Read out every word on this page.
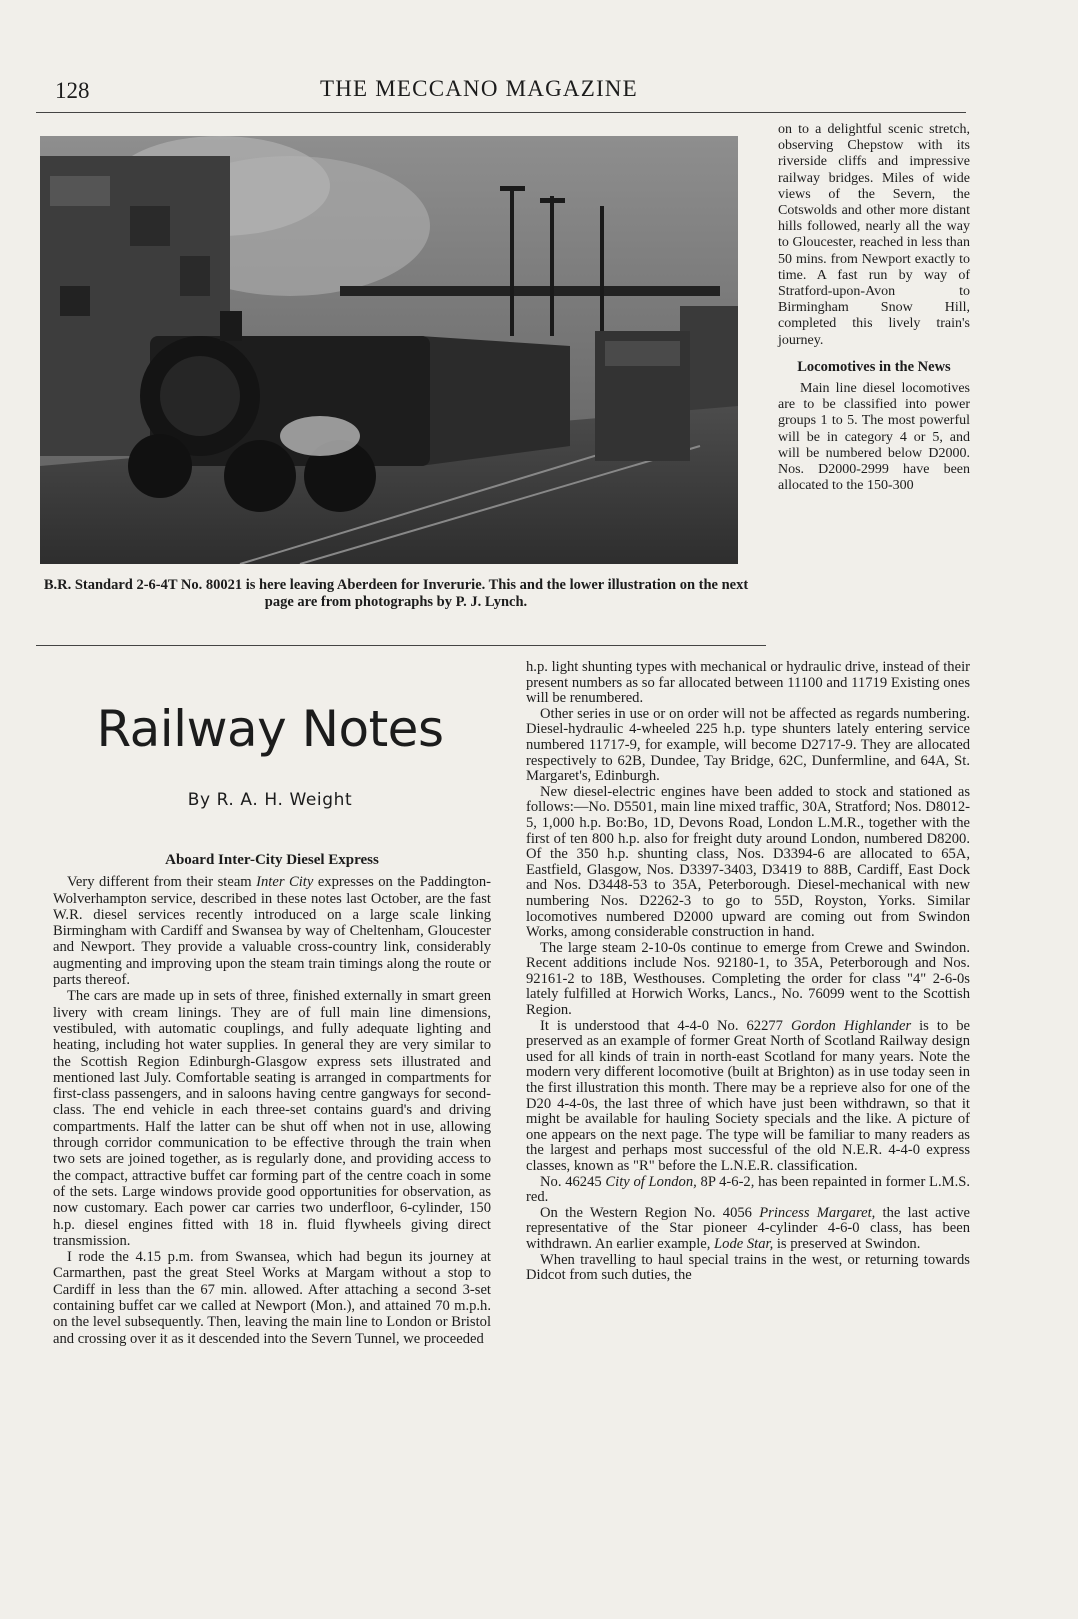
128	THE MECCANO MAGAZINE
B.R. Standard 2-6-4T No. 80021 is here leaving Aberdeen for Inverurie. This and the lower illustration on the next page are from photographs by P. J. Lynch.

on to a delightful scenic stretch, observing Chepstow with its riverside cliffs and impressive railway bridges. Miles of wide views of the Severn, the Cotswolds and other more distant hills followed, nearly all the way to Gloucester, reached in less than 50 mins. from Newport exactly to time. A fast run by way of Stratford-upon-Avon to Birmingham Snow Hill, completed this lively train's journey.

Locomotives in the News

Main line diesel locomotives are to be classified into power groups 1 to 5. The most powerful will be in category 4 or 5, and will be numbered below D2000. Nos. D2000-2999 have been allocated to the 150-300

Railway Notes
By R. A. H. Weight
Aboard Inter-City Diesel Express

Very different from their steam Inter City expresses on the Paddington-Wolverhampton service, described in these notes last October, are the fast W.R. diesel services recently introduced on a large scale linking Birmingham with Cardiff and Swansea by way of Cheltenham, Gloucester and Newport. They provide a valuable cross-country link, considerably augmenting and improving upon the steam train timings along the route or parts thereof.

The cars are made up in sets of three, finished externally in smart green livery with cream linings. They are of full main line dimensions, vestibuled, with automatic couplings, and fully adequate lighting and heating, including hot water supplies. In general they are very similar to the Scottish Region Edinburgh-Glasgow express sets illustrated and mentioned last July. Comfortable seating is arranged in compartments for first-class passengers, and in saloons having centre gangways for second-class. The end vehicle in each three-set contains guard's and driving compartments. Half the latter can be shut off when not in use, allowing through corridor communication to be effective through the train when two sets are joined together, as is regularly done, and providing access to the compact, attractive buffet car forming part of the centre coach in some of the sets. Large windows provide good opportunities for observation, as now customary. Each power car carries two underfloor, 6-cylinder, 150 h.p. diesel engines fitted with 18 in. fluid flywheels giving direct transmission.

I rode the 4.15 p.m. from Swansea, which had begun its journey at Carmarthen, past the great Steel Works at Margam without a stop to Cardiff in less than the 67 min. allowed. After attaching a second 3-set containing buffet car we called at Newport (Mon.), and attained 70 m.p.h. on the level subsequently. Then, leaving the main line to London or Bristol and crossing over it as it descended into the Severn Tunnel, we proceeded

h.p. light shunting types with mechanical or hydraulic drive, instead of their present numbers as so far allocated between 11100 and 11719 Existing ones will be renumbered.

Other series in use or on order will not be affected as regards numbering. Diesel-hydraulic 4-wheeled 225 h.p. type shunters lately entering service numbered 11717-9, for example, will become D2717-9. They are allocated respectively to 62B, Dundee, Tay Bridge, 62C, Dunfermline, and 64A, St. Margaret's, Edinburgh.

New diesel-electric engines have been added to stock and stationed as follows:—No. D5501, main line mixed traffic, 30A, Stratford; Nos. D8012-5, 1,000 h.p. Bo:Bo, 1D, Devons Road, London L.M.R., together with the first of ten 800 h.p. also for freight duty around London, numbered D8200. Of the 350 h.p. shunting class, Nos. D3394-6 are allocated to 65A, Eastfield, Glasgow, Nos. D3397-3403, D3419 to 88B, Cardiff, East Dock and Nos. D3448-53 to 35A, Peterborough. Diesel-mechanical with new numbering Nos. D2262-3 to go to 55D, Royston, Yorks. Similar locomotives numbered D2000 upward are coming out from Swindon Works, among considerable construction in hand.

The large steam 2-10-0s continue to emerge from Crewe and Swindon. Recent additions include Nos. 92180-1, to 35A, Peterborough and Nos. 92161-2 to 18B, Westhouses. Completing the order for class "4" 2-6-0s lately fulfilled at Horwich Works, Lancs., No. 76099 went to the Scottish Region.

It is understood that 4-4-0 No. 62277 Gordon Highlander is to be preserved as an example of former Great North of Scotland Railway design used for all kinds of train in north-east Scotland for many years. Note the modern very different locomotive (built at Brighton) as in use today seen in the first illustration this month. There may be a reprieve also for one of the D20 4-4-0s, the last three of which have just been withdrawn, so that it might be available for hauling Society specials and the like. A picture of one appears on the next page. The type will be familiar to many readers as the largest and perhaps most successful of the old N.E.R. 4-4-0 express classes, known as "R" before the L.N.E.R. classification.

No. 46245 City of London, 8P 4-6-2, has been repainted in former L.M.S. red.

On the Western Region No. 4056 Princess Margaret, the last active representative of the Star pioneer 4-cylinder 4-6-0 class, has been withdrawn. An earlier example, Lode Star, is preserved at Swindon.

When travelling to haul special trains in the west, or returning towards Didcot from such duties, the
